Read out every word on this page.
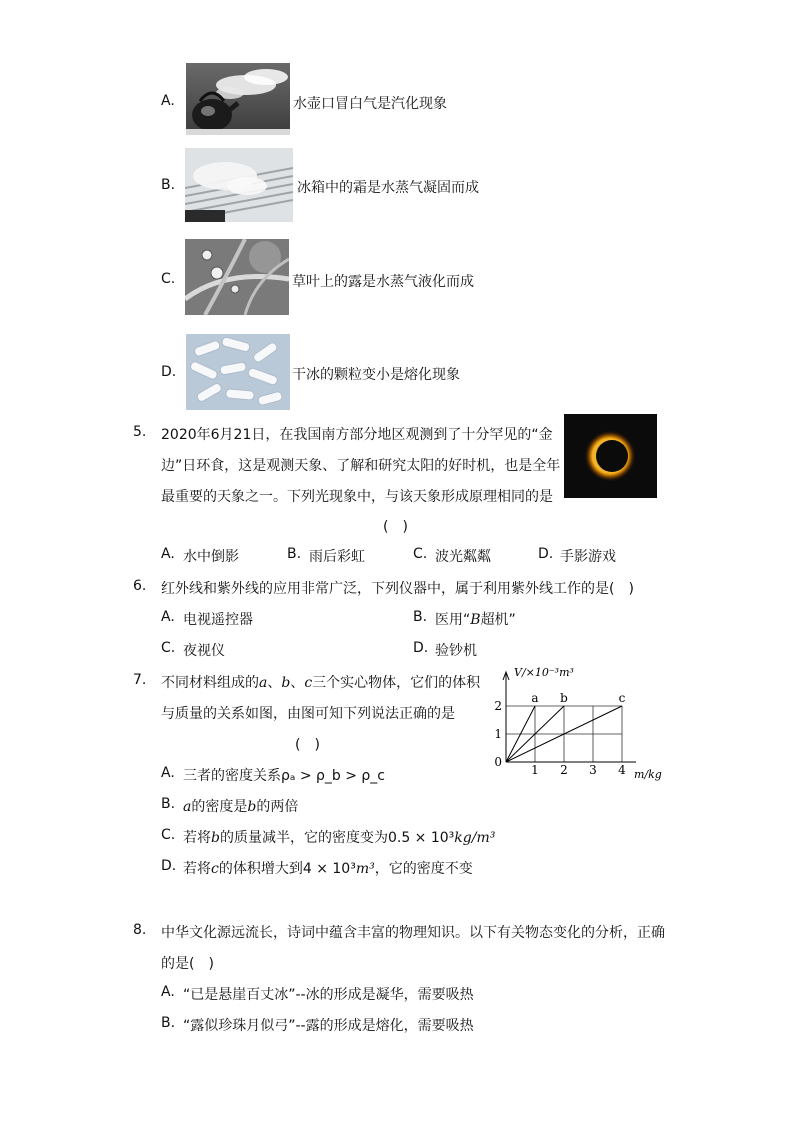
A.	水壶口冒白气是汽化现象
B.	冰箱中的霜是水蒸气凝固而成
C.	草叶上的露是水蒸气液化而成
D.	干冰的颗粒变小是熔化现象
5. 2020年6月21日，在我国南方部分地区观测到了十分罕见的“金
边”日环食，这是观测天象、了解和研究太阳的好时机，也是全年
最重要的天象之一。下列光现象中，与该天象形成原理相同的是
(　)
A. 水中倒影	B. 雨后彩虹	C. 波光粼粼	D. 手影游戏
6. 红外线和紫外线的应用非常广泛，下列仪器中，属于利用紫外线工作的是(　)
A. 电视遥控器	B. 医用“B超机”
C. 夜视仪	D. 验钞机
7. 不同材料组成的a、b、c三个实心物体，它们的体积
与质量的关系如图，由图可知下列说法正确的是
(　)
A. 三者的密度关系ρₐ > ρ_b > ρ_c
B. a的密度是b的两倍
C. 若将b的质量减半，它的密度变为0.5 × 10³kg/m³
D. 若将c的体积增大到4 × 10³m³，它的密度不变
1 2 3 4
1
2
0
V/×10⁻³m³
m/kg
a b	c
8. 中华文化源远流长，诗词中蕴含丰富的物理知识。以下有关物态变化的分析，正确
的是(　)
A. “已是悬崖百丈冰”--冰的形成是凝华，需要吸热
B. “露似珍珠月似弓”--露的形成是熔化，需要吸热
